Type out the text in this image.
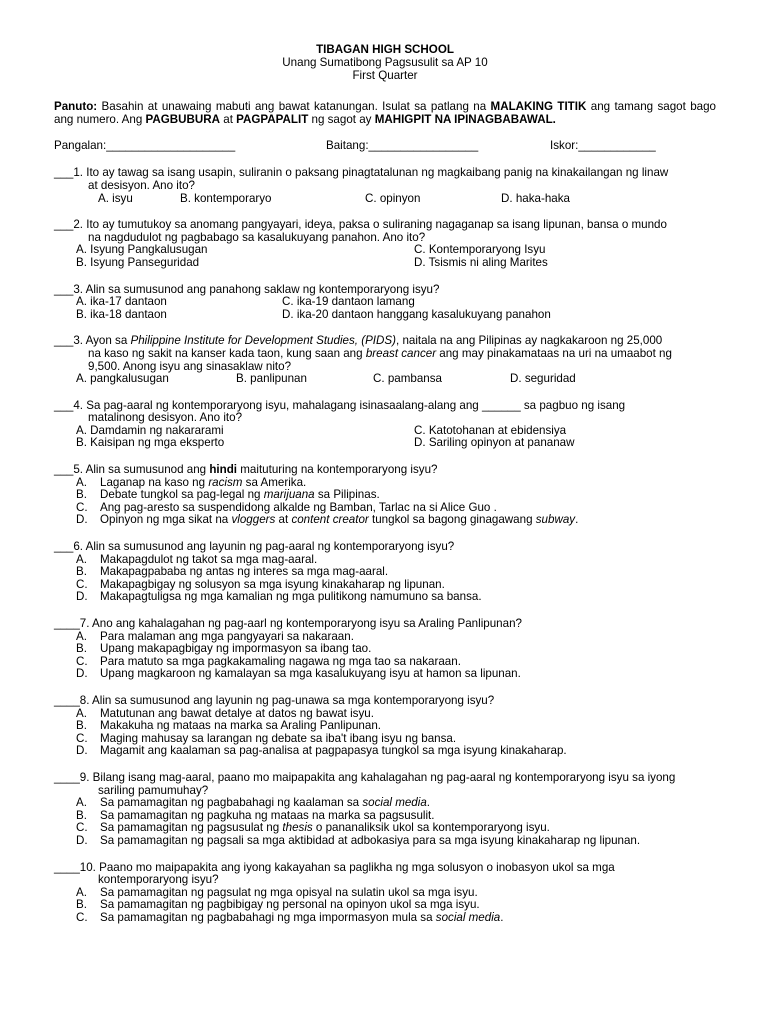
TIBAGAN HIGH SCHOOL
Unang Sumatibong Pagsusulit sa AP 10
First Quarter
Panuto: Basahin at unawaing mabuti ang bawat katanungan. Isulat sa patlang na MALAKING TITIK ang tamang sagot bago ang numero. Ang PAGBUBURA at PAGPAPALIT ng sagot ay MAHIGPIT NA IPINAGBABAWAL.
Pangalan:____________________	Baitang:_________________	Iskor:____________
___1. Ito ay tawag sa isang usapin, suliranin o paksang pinagtatalunan ng magkaibang panig na kinakailangan ng linaw
at desisyon. Ano ito?
A. isyu	B. kontemporaryo	C. opinyon	D. haka-haka
___2. Ito ay tumutukoy sa anomang pangyayari, ideya, paksa o suliraning nagaganap sa isang lipunan, bansa o mundo
na nagdudulot ng pagbabago sa kasalukuyang panahon. Ano ito?
A. Isyung Pangkalusugan	C. Kontemporaryong Isyu
B. Isyung Panseguridad	D. Tsismis ni aling Marites
___3. Alin sa sumusunod ang panahong saklaw ng kontemporaryong isyu?
A. ika-17 dantaon	C. ika-19 dantaon lamang
B. ika-18 dantaon	D. ika-20 dantaon hanggang kasalukuyang panahon
___3. Ayon sa Philippine Institute for Development Studies, (PIDS), naitala na ang Pilipinas ay nagkakaroon ng 25,000
na kaso ng sakit na kanser kada taon, kung saan ang breast cancer ang may pinakamataas na uri na umaabot ng
9,500. Anong isyu ang sinasaklaw nito?
A. pangkalusugan	B. panlipunan	C. pambansa	D. seguridad
___4. Sa pag-aaral ng kontemporaryong isyu, mahalagang isinasaalang-alang ang ______ sa pagbuo ng isang
matalinong desisyon. Ano ito?
A. Damdamin ng nakararami	C. Katotohanan at ebidensiya
B. Kaisipan ng mga eksperto	D. Sariling opinyon at pananaw
___5. Alin sa sumusunod ang hindi maituturing na kontemporaryong isyu?
A.	Laganap na kaso ng racism sa Amerika.
B.	Debate tungkol sa pag-legal ng marijuana sa Pilipinas.
C.	Ang pag-aresto sa suspendidong alkalde ng Bamban, Tarlac na si Alice Guo .
D.	Opinyon ng mga sikat na vloggers at content creator tungkol sa bagong ginagawang subway.
___6. Alin sa sumusunod ang layunin ng pag-aaral ng kontemporaryong isyu?
A.	Makapagdulot ng takot sa mga mag-aaral.
B.	Makapagpababa ng antas ng interes sa mga mag-aaral.
C.	Makapagbigay ng solusyon sa mga isyung kinakaharap ng lipunan.
D.	Makapagtuligsa ng mga kamalian ng mga pulitikong namumuno sa bansa.
____7. Ano ang kahalagahan ng pag-aarl ng kontemporaryong isyu sa Araling Panlipunan?
A.	Para malaman ang mga pangyayari sa nakaraan.
B.	Upang makapagbigay ng impormasyon sa ibang tao.
C.	Para matuto sa mga pagkakamaling nagawa ng mga tao sa nakaraan.
D.	Upang magkaroon ng kamalayan sa mga kasalukuyang isyu at hamon sa lipunan.
____8. Alin sa sumusunod ang layunin ng pag-unawa sa mga kontemporaryong isyu?
A.	Matutunan ang bawat detalye at datos ng bawat isyu.
B.	Makakuha ng mataas na marka sa Araling Panlipunan.
C.	Maging mahusay sa larangan ng debate sa iba't ibang isyu ng bansa.
D.	Magamit ang kaalaman sa pag-analisa at pagpapasya tungkol sa mga isyung kinakaharap.
____9. Bilang isang mag-aaral, paano mo maipapakita ang kahalagahan ng pag-aaral ng kontemporaryong isyu sa iyong
sariling pamumuhay?
A.	Sa pamamagitan ng pagbabahagi ng kaalaman sa social media.
B.	Sa pamamagitan ng pagkuha ng mataas na marka sa pagsusulit.
C.	Sa pamamagitan ng pagsusulat ng thesis o pananaliksik ukol sa kontemporaryong isyu.
D.	Sa pamamagitan ng pagsali sa mga aktibidad at adbokasiya para sa mga isyung kinakaharap ng lipunan.
____10. Paano mo maipapakita ang iyong kakayahan sa paglikha ng mga solusyon o inobasyon ukol sa mga
kontemporaryong isyu?
A.	Sa pamamagitan ng pagsulat ng mga opisyal na sulatin ukol sa mga isyu.
B.	Sa pamamagitan ng pagbibigay ng personal na opinyon ukol sa mga isyu.
C.	Sa pamamagitan ng pagbabahagi ng mga impormasyon mula sa social media.
